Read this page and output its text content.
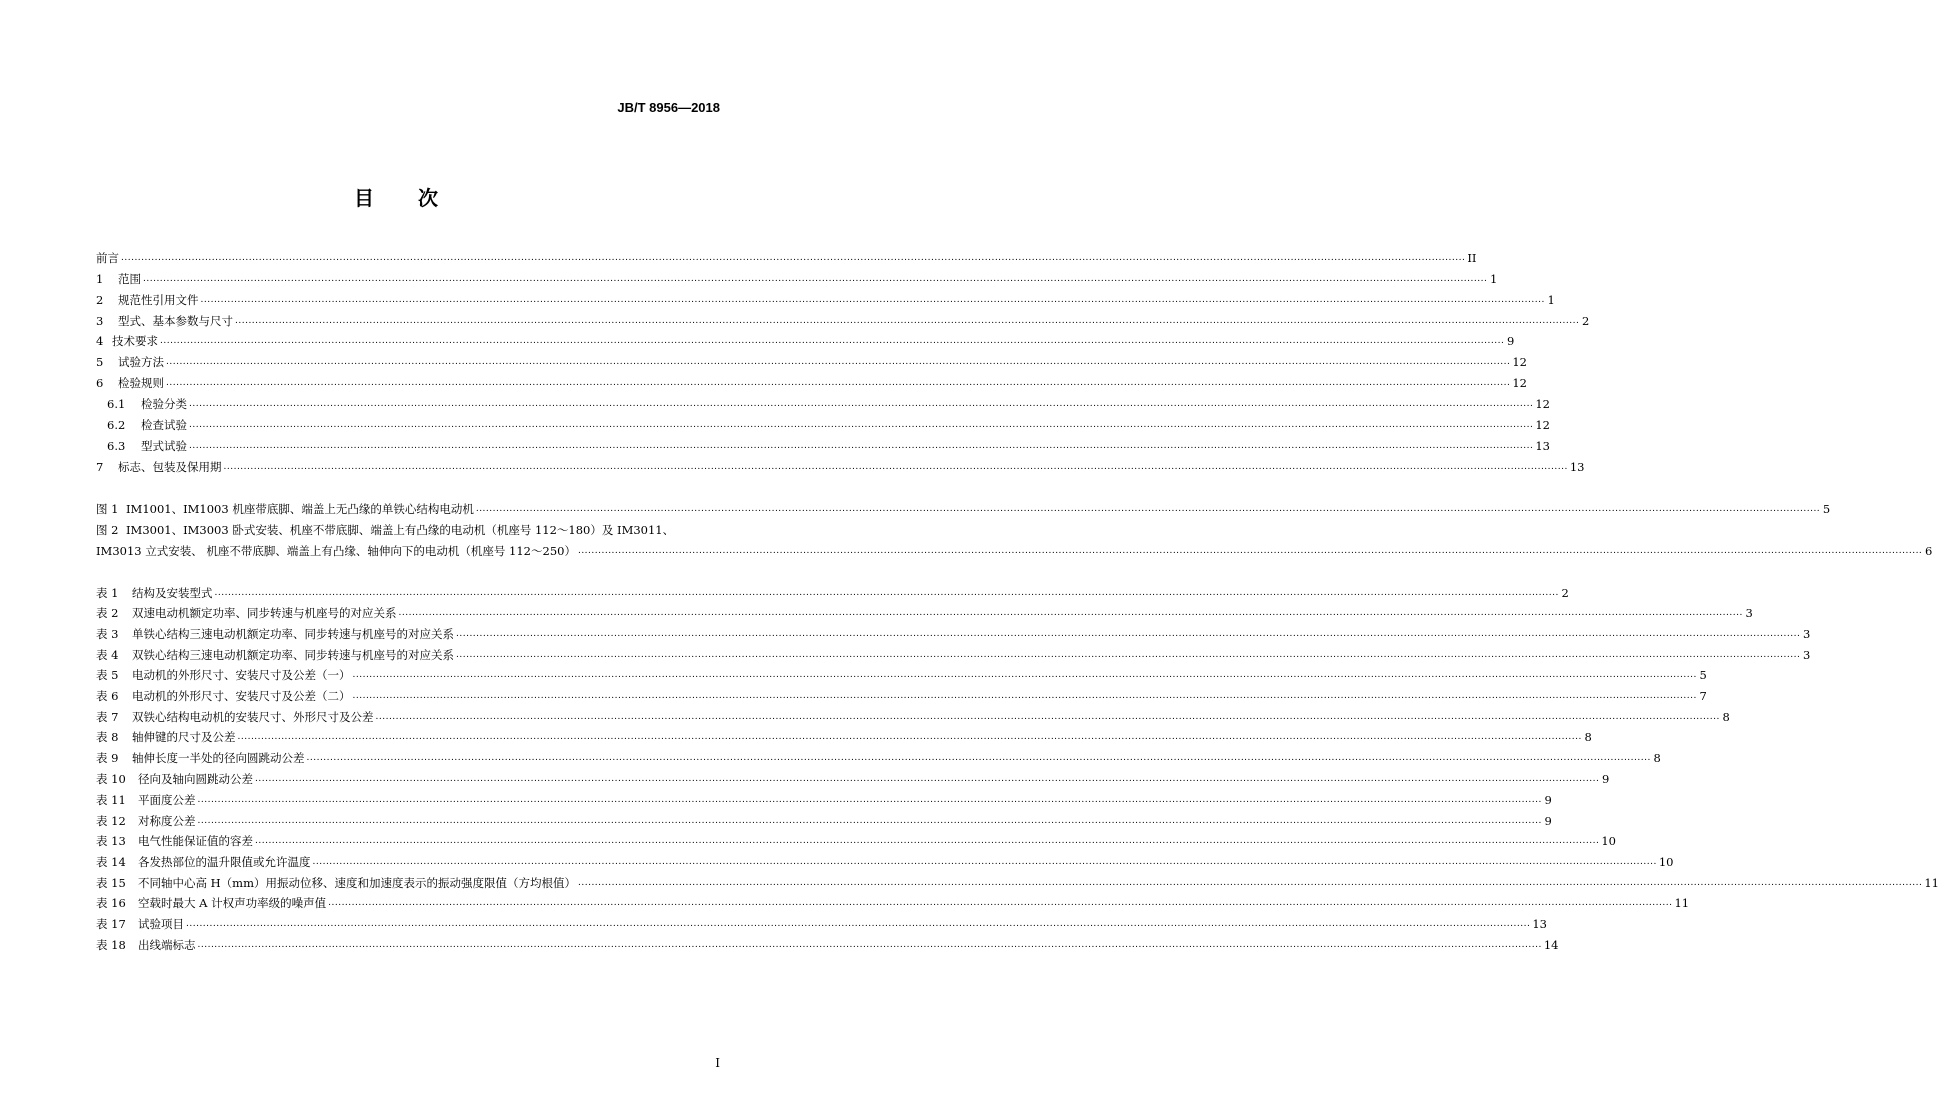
JB/T 8956—2018
目 次
前言 ................................................................................................................................................................................................................................................................................................................................................................................................................ II
1	范围 ................................................................................................................................................................................................................................................................................................................................................................................................................ 1
2	规范性引用文件 ................................................................................................................................................................................................................................................................................................................................................................................................................ 1
3	型式、基本参数与尺寸 ................................................................................................................................................................................................................................................................................................................................................................................................................ 2
4 技术要求 ................................................................................................................................................................................................................................................................................................................................................................................................................ 9
5	试验方法 ................................................................................................................................................................................................................................................................................................................................................................................................................ 12
6	检验规则 ................................................................................................................................................................................................................................................................................................................................................................................................................ 12
6.1	检验分类 ................................................................................................................................................................................................................................................................................................................................................................................................................ 12
6.2	检查试验 ................................................................................................................................................................................................................................................................................................................................................................................................................ 12
6.3	型式试验 ................................................................................................................................................................................................................................................................................................................................................................................................................ 13
7	标志、包装及保用期 ................................................................................................................................................................................................................................................................................................................................................................................................................ 13
图 1 IM1001、IM1003 机座带底脚、端盖上无凸缘的单铁心结构电动机 ................................................................................................................................................................................................................................................................................................................................................................................................................ 5
图 2 IM3001、IM3003 卧式安装、机座不带底脚、端盖上有凸缘的电动机（机座号 112～180）及 IM3011、
IM3013 立式安装、 机座不带底脚、端盖上有凸缘、轴伸向下的电动机（机座号 112～250） ................................................................................................................................................................................................................................................................................................................................................................................................................ 6
表 1	结构及安装型式 ................................................................................................................................................................................................................................................................................................................................................................................................................ 2
表 2	双速电动机额定功率、同步转速与机座号的对应关系 ................................................................................................................................................................................................................................................................................................................................................................................................................ 3
表 3	单铁心结构三速电动机额定功率、同步转速与机座号的对应关系 ................................................................................................................................................................................................................................................................................................................................................................................................................ 3
表 4	双铁心结构三速电动机额定功率、同步转速与机座号的对应关系 ................................................................................................................................................................................................................................................................................................................................................................................................................ 3
表 5	电动机的外形尺寸、安装尺寸及公差（一） ................................................................................................................................................................................................................................................................................................................................................................................................................ 5
表 6	电动机的外形尺寸、安装尺寸及公差（二） ................................................................................................................................................................................................................................................................................................................................................................................................................ 7
表 7	双铁心结构电动机的安装尺寸、外形尺寸及公差 ................................................................................................................................................................................................................................................................................................................................................................................................................ 8
表 8	轴伸键的尺寸及公差 ................................................................................................................................................................................................................................................................................................................................................................................................................ 8
表 9	轴伸长度一半处的径向圆跳动公差 ................................................................................................................................................................................................................................................................................................................................................................................................................ 8
表 10	径向及轴向圆跳动公差 ................................................................................................................................................................................................................................................................................................................................................................................................................ 9
表 11	平面度公差 ................................................................................................................................................................................................................................................................................................................................................................................................................ 9
表 12	对称度公差 ................................................................................................................................................................................................................................................................................................................................................................................................................ 9
表 13	电气性能保证值的容差 ................................................................................................................................................................................................................................................................................................................................................................................................................ 10
表 14	各发热部位的温升限值或允许温度 ................................................................................................................................................................................................................................................................................................................................................................................................................ 10
表 15	不同轴中心高 H（mm）用振动位移、速度和加速度表示的振动强度限值（方均根值） ................................................................................................................................................................................................................................................................................................................................................................................................................ 11
表 16	空载时最大 A 计权声功率级的噪声值 ................................................................................................................................................................................................................................................................................................................................................................................................................ 11
表 17	试验项目 ................................................................................................................................................................................................................................................................................................................................................................................................................ 13
表 18	出线端标志 ................................................................................................................................................................................................................................................................................................................................................................................................................ 14
I
